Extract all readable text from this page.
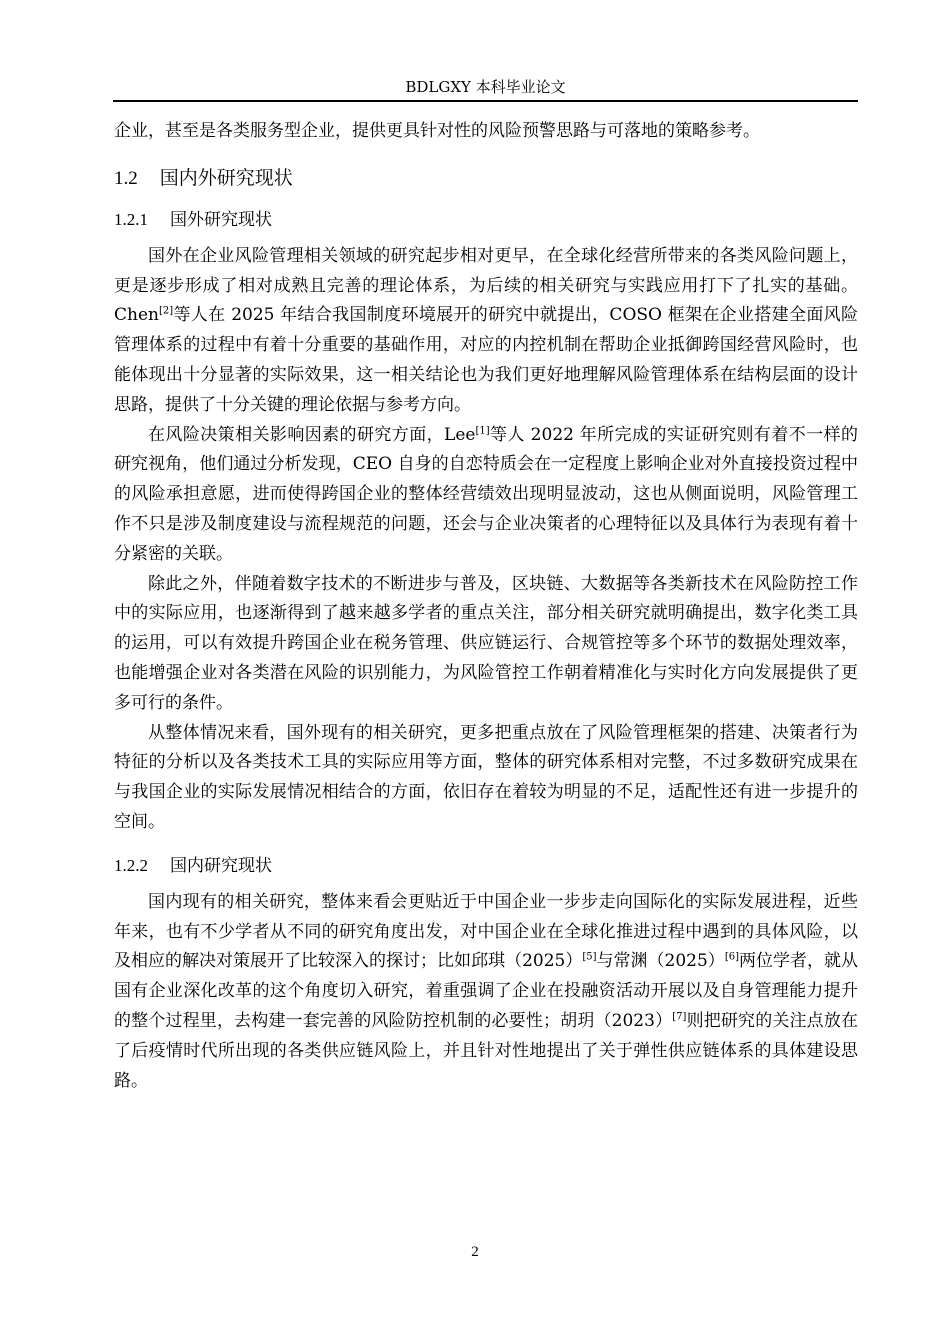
BDLGXY 本科毕业论文

企业，甚至是各类服务型企业，提供更具针对性的风险预警思路与可落地的策略参考。

1.2 国内外研究现状
1.2.1 国外研究现状

国外在企业风险管理相关领域的研究起步相对更早，在全球化经营所带来的各类风险问题上，更是逐步形成了相对成熟且完善的理论体系，为后续的相关研究与实践应用打下了扎实的基础。Chen[2]等人在 2025 年结合我国制度环境展开的研究中就提出，COSO 框架在企业搭建全面风险管理体系的过程中有着十分重要的基础作用，对应的内控机制在帮助企业抵御跨国经营风险时，也能体现出十分显著的实际效果，这一相关结论也为我们更好地理解风险管理体系在结构层面的设计思路，提供了十分关键的理论依据与参考方向。

在风险决策相关影响因素的研究方面，Lee[1]等人 2022 年所完成的实证研究则有着不一样的研究视角，他们通过分析发现，CEO 自身的自恋特质会在一定程度上影响企业对外直接投资过程中的风险承担意愿，进而使得跨国企业的整体经营绩效出现明显波动，这也从侧面说明，风险管理工作不只是涉及制度建设与流程规范的问题，还会与企业决策者的心理特征以及具体行为表现有着十分紧密的关联。

除此之外，伴随着数字技术的不断进步与普及，区块链、大数据等各类新技术在风险防控工作中的实际应用，也逐渐得到了越来越多学者的重点关注，部分相关研究就明确提出，数字化类工具的运用，可以有效提升跨国企业在税务管理、供应链运行、合规管控等多个环节的数据处理效率，也能增强企业对各类潜在风险的识别能力，为风险管控工作朝着精准化与实时化方向发展提供了更多可行的条件。

从整体情况来看，国外现有的相关研究，更多把重点放在了风险管理框架的搭建、决策者行为特征的分析以及各类技术工具的实际应用等方面，整体的研究体系相对完整，不过多数研究成果在与我国企业的实际发展情况相结合的方面，依旧存在着较为明显的不足，适配性还有进一步提升的空间。

1.2.2 国内研究现状

国内现有的相关研究，整体来看会更贴近于中国企业一步步走向国际化的实际发展进程，近些年来，也有不少学者从不同的研究角度出发，对中国企业在全球化推进过程中遇到的具体风险，以及相应的解决对策展开了比较深入的探讨；比如邱琪（2025）[5]与常渊（2025）[6]两位学者，就从国有企业深化改革的这个角度切入研究，着重强调了企业在投融资活动开展以及自身管理能力提升的整个过程里，去构建一套完善的风险防控机制的必要性；胡玥（2023）[7]则把研究的关注点放在了后疫情时代所出现的各类供应链风险上，并且针对性地提出了关于弹性供应链体系的具体建设思路。

2
